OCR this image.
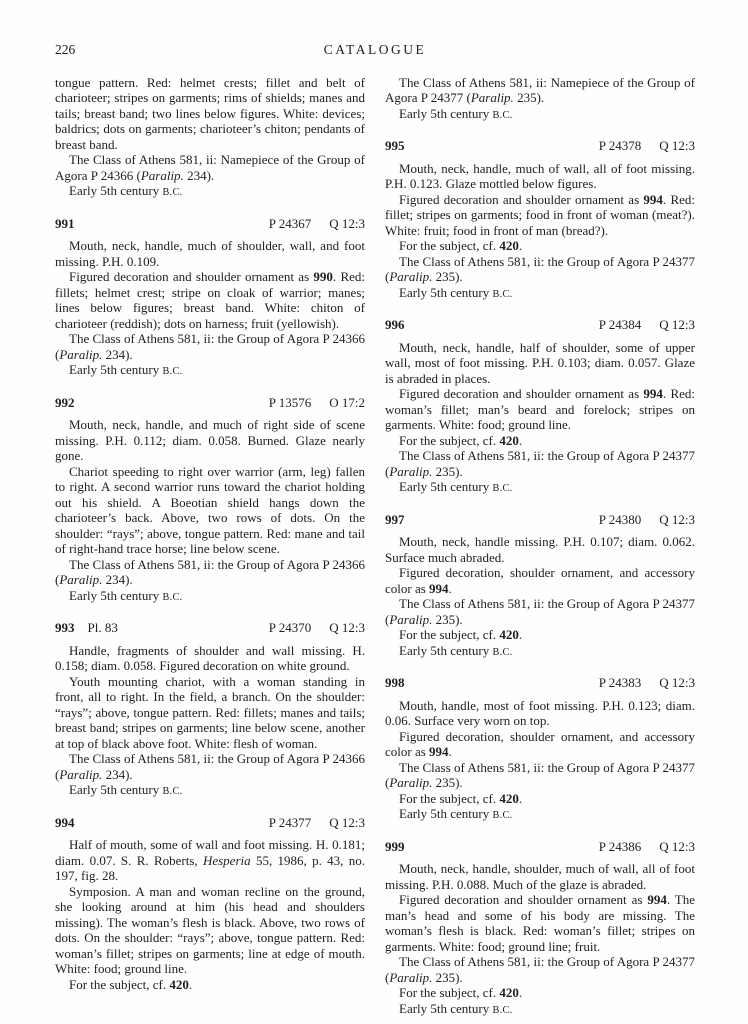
226	CATALOGUE

tongue pattern. Red: helmet crests; fillet and belt of charioteer; stripes on garments; rims of shields; manes and tails; breast band; two lines below figures. White: devices; baldrics; dots on garments; charioteer’s chiton; pendants of breast band.

The Class of Athens 581, ii: Namepiece of the Group of Agora P 24366 (Paralip. 234).

Early 5th century B.C.

991	P 24367 Q 12:3

Mouth, neck, handle, much of shoulder, wall, and foot missing. P.H. 0.109.

Figured decoration and shoulder ornament as 990. Red: fillets; helmet crest; stripe on cloak of warrior; manes; lines below figures; breast band. White: chiton of charioteer (reddish); dots on harness; fruit (yellowish).

The Class of Athens 581, ii: the Group of Agora P 24366 (Paralip. 234).

Early 5th century B.C.

992	P 13576 O 17:2

Mouth, neck, handle, and much of right side of scene missing. P.H. 0.112; diam. 0.058. Burned. Glaze nearly gone.

Chariot speeding to right over warrior (arm, leg) fallen to right. A second warrior runs toward the chariot holding out his shield. A Boeotian shield hangs down the charioteer’s back. Above, two rows of dots. On the shoulder: “rays”; above, tongue pattern. Red: mane and tail of right-hand trace horse; line below scene.

The Class of Athens 581, ii: the Group of Agora P 24366 (Paralip. 234).

Early 5th century B.C.

993 Pl. 83	P 24370 Q 12:3

Handle, fragments of shoulder and wall missing. H. 0.158; diam. 0.058. Figured decoration on white ground.

Youth mounting chariot, with a woman standing in front, all to right. In the field, a branch. On the shoulder: “rays”; above, tongue pattern. Red: fillets; manes and tails; breast band; stripes on garments; line below scene, another at top of black above foot. White: flesh of woman.

The Class of Athens 581, ii: the Group of Agora P 24366 (Paralip. 234).

Early 5th century B.C.

994	P 24377 Q 12:3

Half of mouth, some of wall and foot missing. H. 0.181; diam. 0.07. S. R. Roberts, Hesperia 55, 1986, p. 43, no. 197, fig. 28.

Symposion. A man and woman recline on the ground, she looking around at him (his head and shoulders missing). The woman’s flesh is black. Above, two rows of dots. On the shoulder: “rays”; above, tongue pattern. Red: woman’s fillet; stripes on garments; line at edge of mouth. White: food; ground line.

For the subject, cf. 420.

The Class of Athens 581, ii: Namepiece of the Group of Agora P 24377 (Paralip. 235).

Early 5th century B.C.

995	P 24378 Q 12:3

Mouth, neck, handle, much of wall, all of foot missing. P.H. 0.123. Glaze mottled below figures.

Figured decoration and shoulder ornament as 994. Red: fillet; stripes on garments; food in front of woman (meat?). White: fruit; food in front of man (bread?).

For the subject, cf. 420.

The Class of Athens 581, ii: the Group of Agora P 24377 (Paralip. 235).

Early 5th century B.C.

996	P 24384 Q 12:3

Mouth, neck, handle, half of shoulder, some of upper wall, most of foot missing. P.H. 0.103; diam. 0.057. Glaze is abraded in places.

Figured decoration and shoulder ornament as 994. Red: woman’s fillet; man’s beard and forelock; stripes on garments. White: food; ground line.

For the subject, cf. 420.

The Class of Athens 581, ii: the Group of Agora P 24377 (Paralip. 235).

Early 5th century B.C.

997	P 24380 Q 12:3

Mouth, neck, handle missing. P.H. 0.107; diam. 0.062. Surface much abraded.

Figured decoration, shoulder ornament, and accessory color as 994.

The Class of Athens 581, ii: the Group of Agora P 24377 (Paralip. 235).

For the subject, cf. 420.

Early 5th century B.C.

998	P 24383 Q 12:3

Mouth, handle, most of foot missing. P.H. 0.123; diam. 0.06. Surface very worn on top.

Figured decoration, shoulder ornament, and accessory color as 994.

The Class of Athens 581, ii: the Group of Agora P 24377 (Paralip. 235).

For the subject, cf. 420.

Early 5th century B.C.

999	P 24386 Q 12:3

Mouth, neck, handle, shoulder, much of wall, all of foot missing. P.H. 0.088. Much of the glaze is abraded.

Figured decoration and shoulder ornament as 994. The man’s head and some of his body are missing. The woman’s flesh is black. Red: woman’s fillet; stripes on garments. White: food; ground line; fruit.

The Class of Athens 581, ii: the Group of Agora P 24377 (Paralip. 235).

For the subject, cf. 420.

Early 5th century B.C.
